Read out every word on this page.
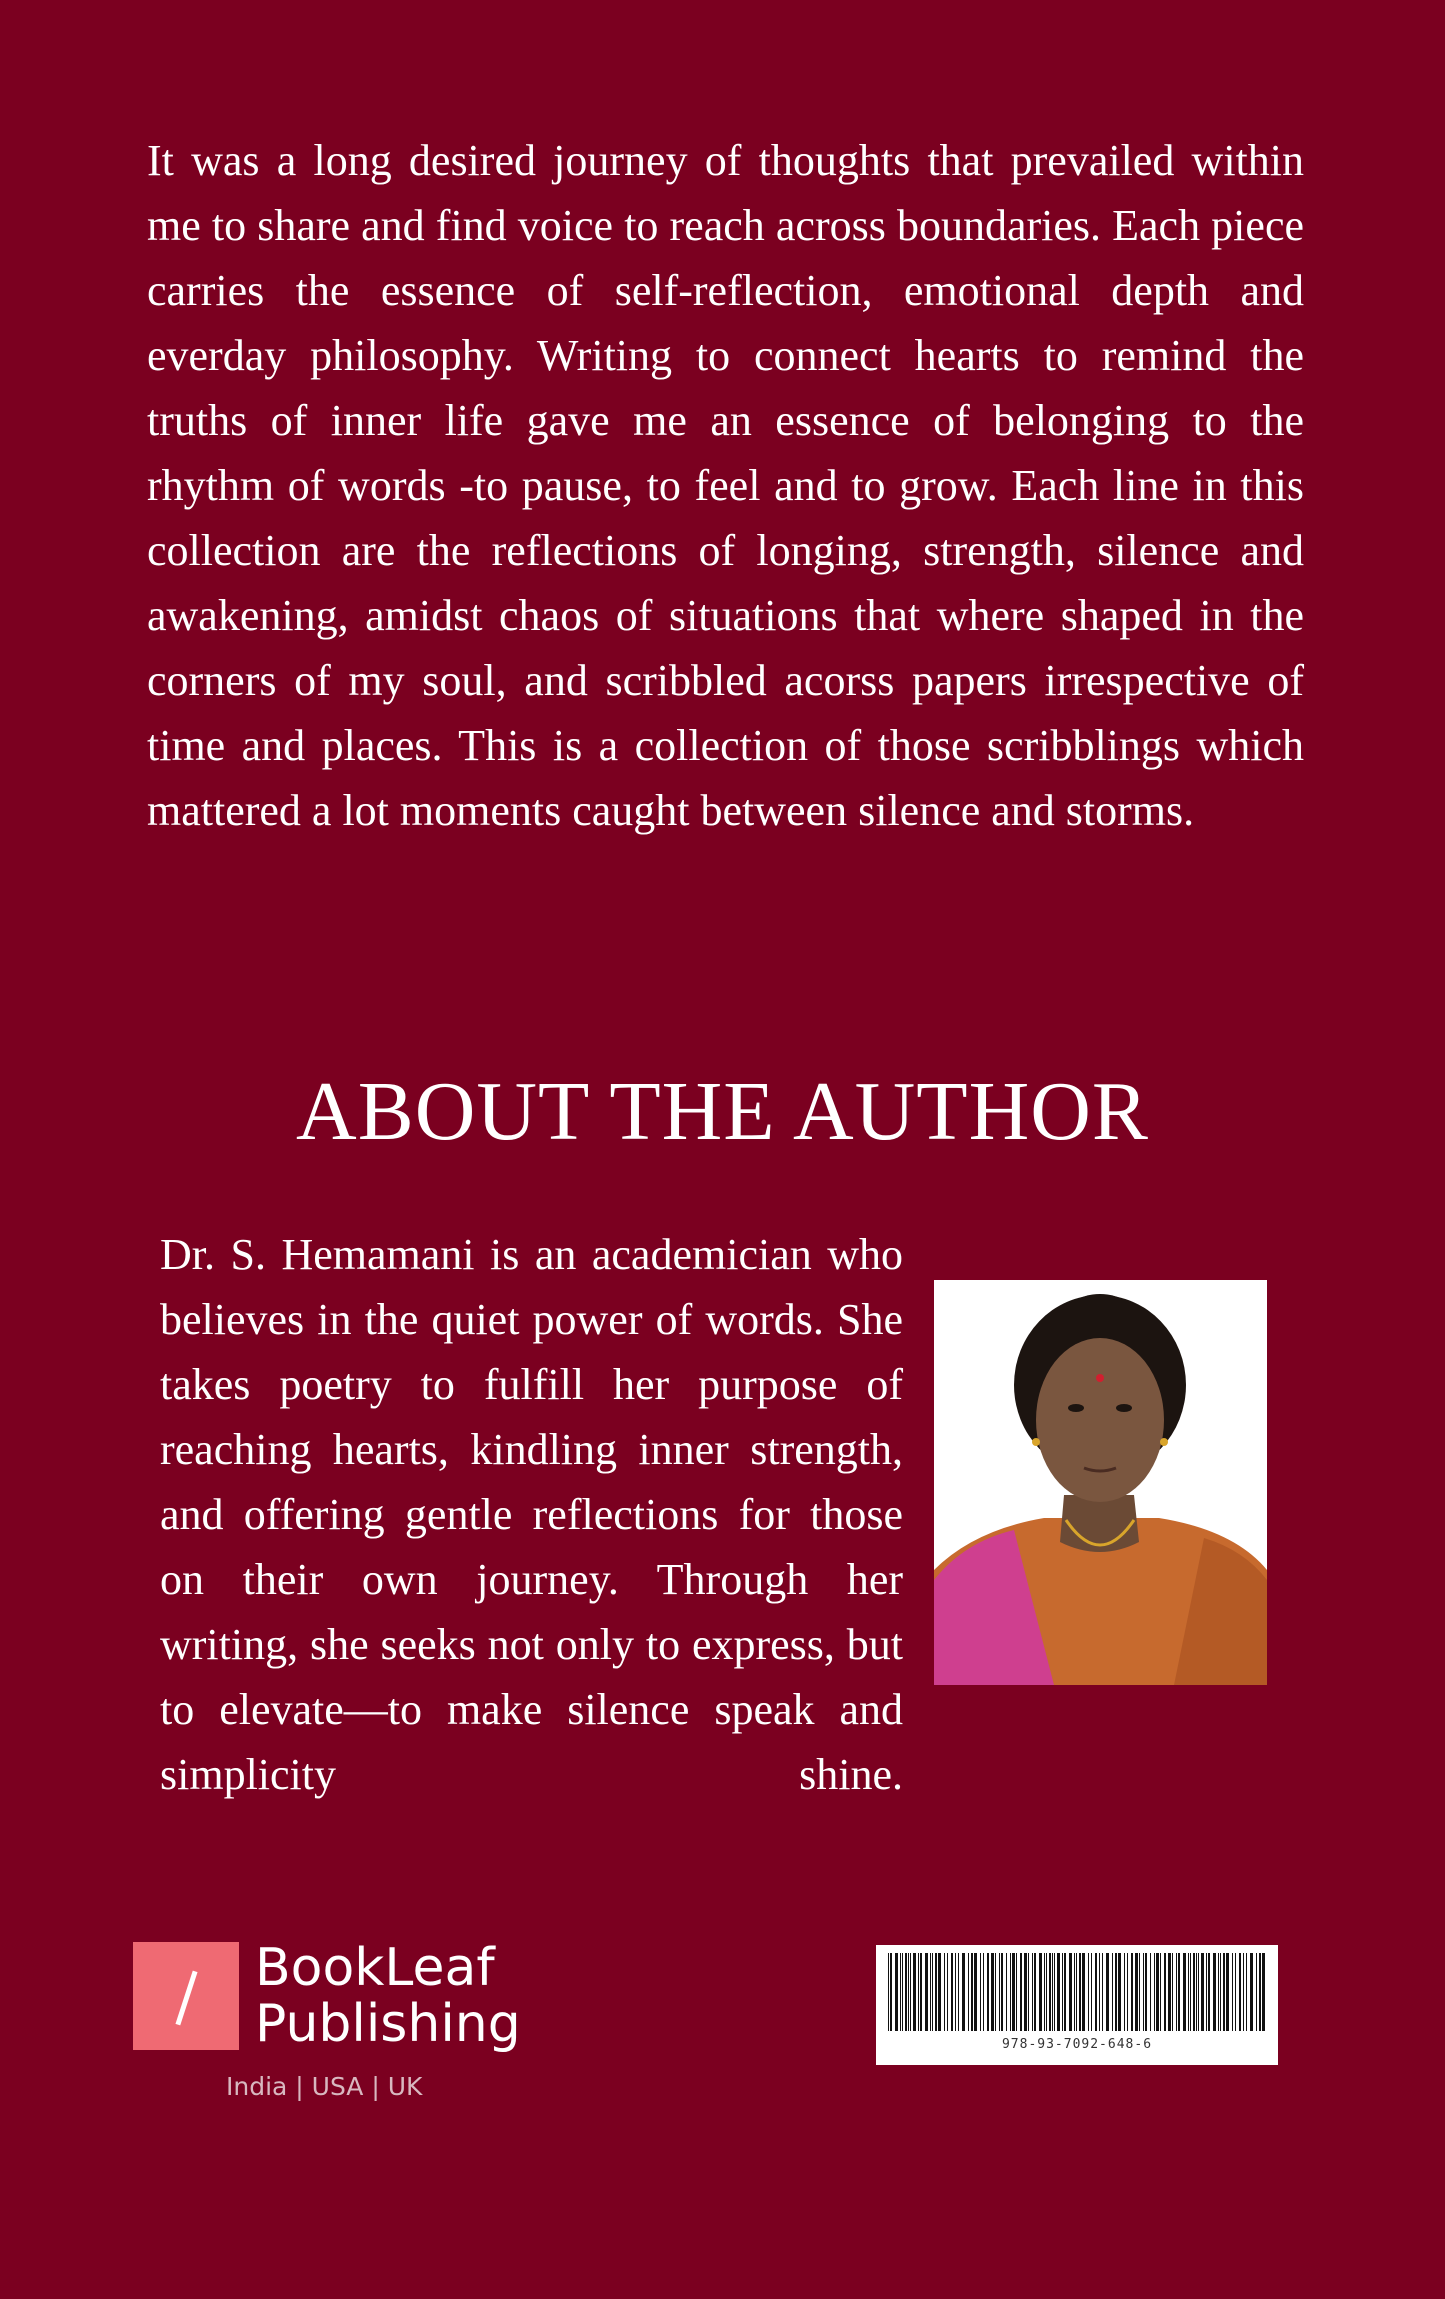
It was a long desired journey of thoughts that prevailed within me to share and find voice to reach across boundaries. Each piece carries the essence of self-reflection, emotional depth and everday philosophy. Writing to connect hearts to remind the truths of inner life gave me an essence of belonging to the rhythm of words -to pause, to feel and to grow. Each line in this collection are the reflections of longing, strength, silence and awakening, amidst chaos of situations that where shaped in the corners of my soul, and scribbled acorss papers irrespective of time and places. This is a collection of those scribblings which mattered a lot moments caught between silence and storms.

ABOUT THE AUTHOR

Dr. S. Hemamani is an academician who believes in the quiet power of words. She takes poetry to fulfill her purpose of reaching hearts, kindling inner strength, and offering gentle reflections for those on their own journey. Through her writing, she seeks not only to express, but to elevate—to make silence speak and simplicity shine.

BookLeaf
Publishing
India | USA | UK
978-93-7092-648-6
